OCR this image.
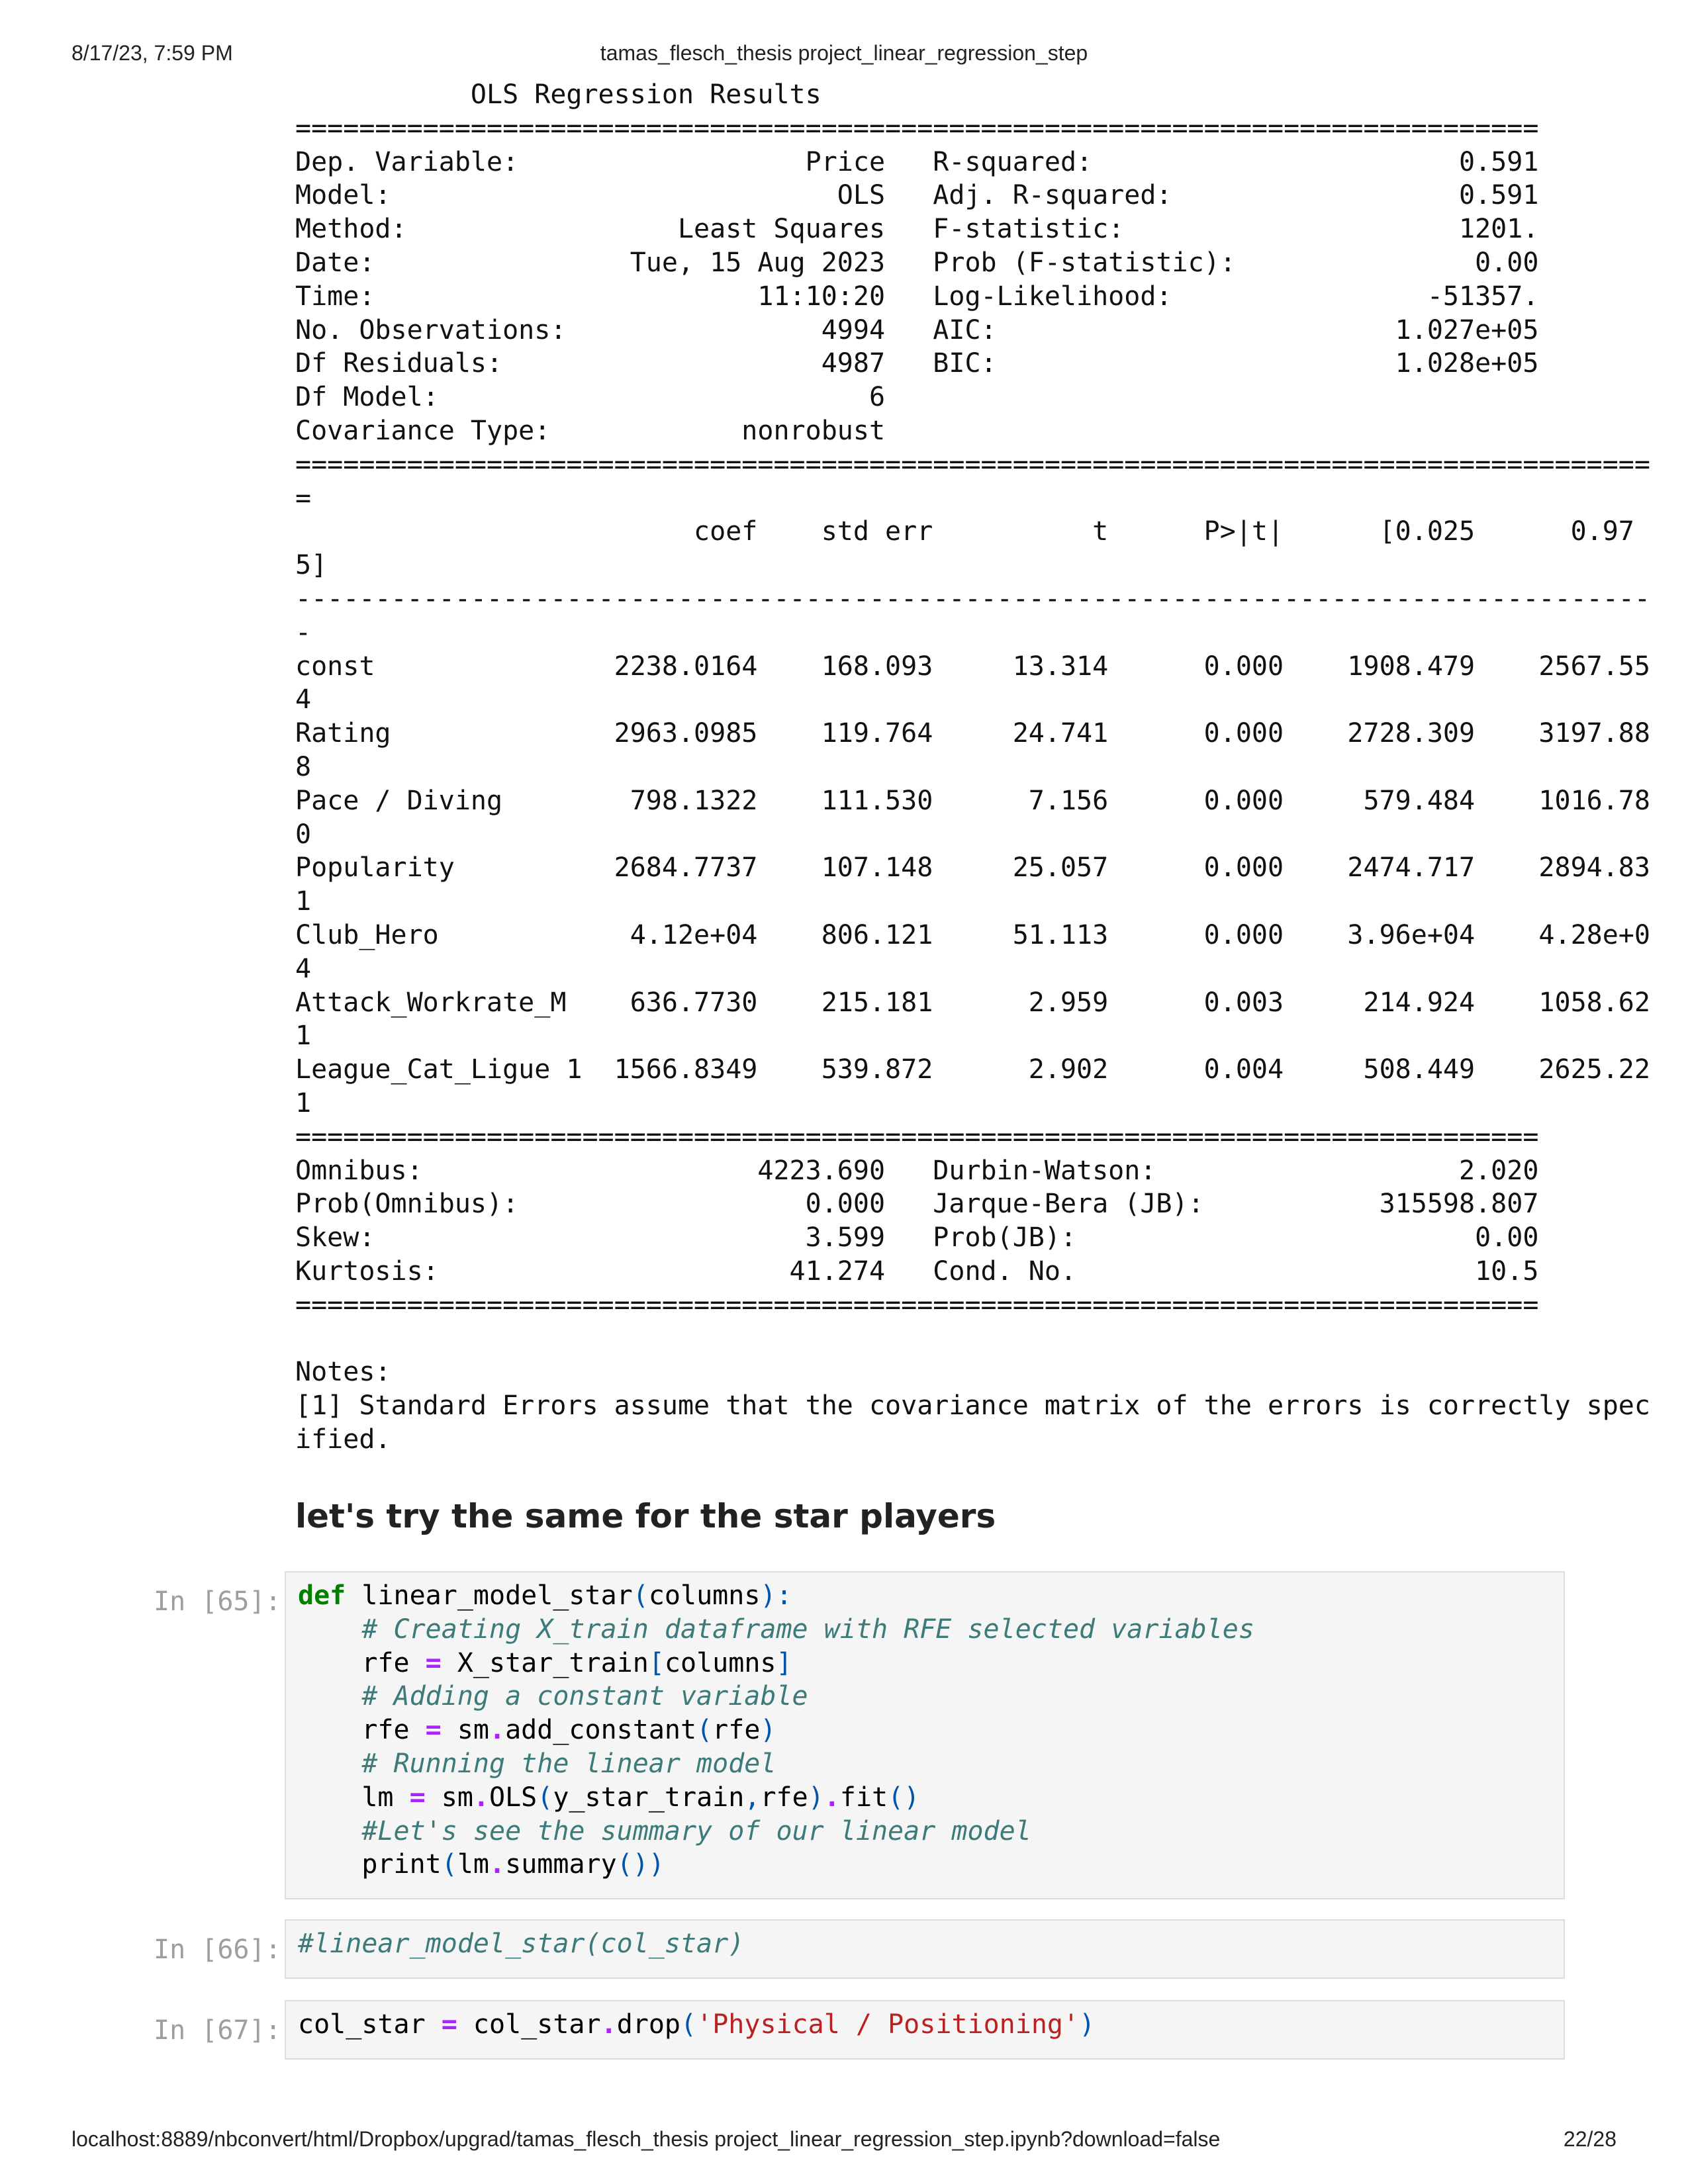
8/17/23, 7:59 PM	tamas_flesch_thesis project_linear_regression_step
OLS Regression Results
==============================================================================
Dep. Variable:                  Price   R-squared:                       0.591
Model:                            OLS   Adj. R-squared:                  0.591
Method:                 Least Squares   F-statistic:                     1201.
Date:                Tue, 15 Aug 2023   Prob (F-statistic):               0.00
Time:                        11:10:20   Log-Likelihood:                -51357.
No. Observations:                4994   AIC:                         1.027e+05
Df Residuals:                    4987   BIC:                         1.028e+05
Df Model:                           6
Covariance Type:            nonrobust
=====================================================================================
=
coef    std err          t      P>|t|      [0.025      0.97
5]
-------------------------------------------------------------------------------------
-
const               2238.0164    168.093     13.314      0.000    1908.479    2567.55
4
Rating              2963.0985    119.764     24.741      0.000    2728.309    3197.88
8
Pace / Diving        798.1322    111.530      7.156      0.000     579.484    1016.78
0
Popularity          2684.7737    107.148     25.057      0.000    2474.717    2894.83
1
Club_Hero            4.12e+04    806.121     51.113      0.000    3.96e+04    4.28e+0
4
Attack_Workrate_M    636.7730    215.181      2.959      0.003     214.924    1058.62
1
League_Cat_Ligue 1  1566.8349    539.872      2.902      0.004     508.449    2625.22
1
==============================================================================
Omnibus:                     4223.690   Durbin-Watson:                   2.020
Prob(Omnibus):                  0.000   Jarque-Bera (JB):           315598.807
Skew:                           3.599   Prob(JB):                         0.00
Kurtosis:                      41.274   Cond. No.                         10.5
==============================================================================

Notes:
[1] Standard Errors assume that the covariance matrix of the errors is correctly spec
ified.
let's try the same for the star players
In [65]: def linear_model_star(columns):
# Creating X_train dataframe with RFE selected variables
rfe = X_star_train[columns]
# Adding a constant variable
rfe = sm.add_constant(rfe)
# Running the linear model
lm = sm.OLS(y_star_train,rfe).fit()
#Let's see the summary of our linear model
print(lm.summary())
In [66]: #linear_model_star(col_star)
In [67]: col_star = col_star.drop('Physical / Positioning')
localhost:8889/nbconvert/html/Dropbox/upgrad/tamas_flesch_thesis project_linear_regression_step.ipynb?download=false	22/28
